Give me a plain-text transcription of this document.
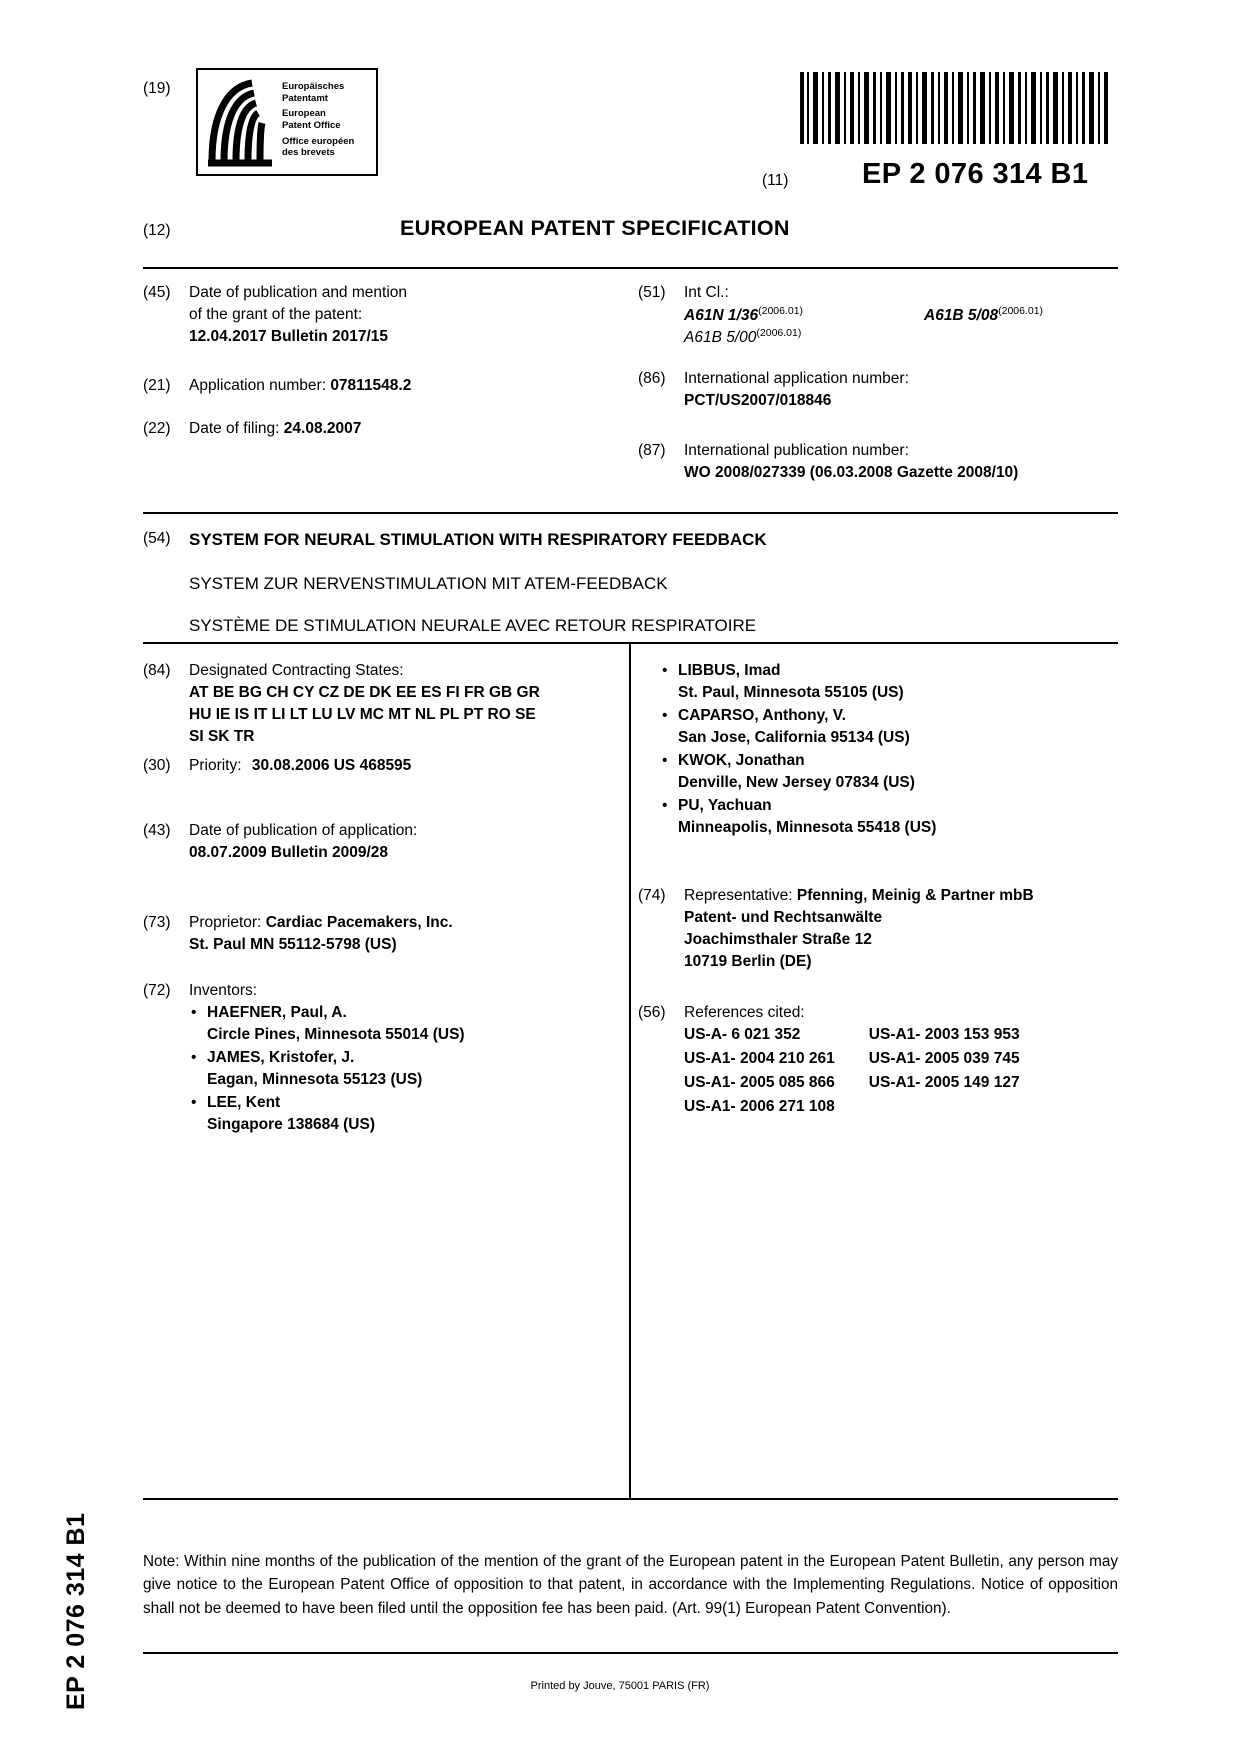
EP 2 076 314 B1
(19)	Europäisches
Patentamt
European
Patent Office
Office européen
des brevets
(11)	EP 2 076 314 B1
(12)	EUROPEAN PATENT SPECIFICATION
(45)	Date of publication and mention
of the grant of the patent:
12.04.2017 Bulletin 2017/15
(21)	Application number: 07811548.2
(22)	Date of filing: 24.08.2007
(51)	Int Cl.:
A61N $1/36^{(2006.01)}$	A61B $5/08^{(2006.01)}$
A61B $5/00^{(2006.01)}$
(86)	International application number:
PCT/US2007/018846
(87)	International publication number:
WO 2008/027339 (06.03.2008 Gazette 2008/10)
(54)	SYSTEM FOR NEURAL STIMULATION WITH RESPIRATORY FEEDBACK
SYSTEM ZUR NERVENSTIMULATION MIT ATEM-FEEDBACK
SYSTÈME DE STIMULATION NEURALE AVEC RETOUR RESPIRATOIRE
(84)	Designated Contracting States:
AT BE BG CH CY CZ DE DK EE ES FI FR GB GR
HU IE IS IT LI LT LU LV MC MT NL PL PT RO SE
SI SK TR
(30)	Priority: 30.08.2006 US 468595
(43)	Date of publication of application:
08.07.2009 Bulletin 2009/28
(73)	Proprietor: Cardiac Pacemakers, Inc.
St. Paul MN 55112-5798 (US)
(72)	Inventors:
• HAEFNER, Paul, A.
Circle Pines, Minnesota 55014 (US)
• JAMES, Kristofer, J.
Eagan, Minnesota 55123 (US)
• LEE, Kent
Singapore 138684 (US)
• LIBBUS, Imad
St. Paul, Minnesota 55105 (US)
• CAPARSO, Anthony, V.
San Jose, California 95134 (US)
• KWOK, Jonathan
Denville, New Jersey 07834 (US)
• PU, Yachuan
Minneapolis, Minnesota 55418 (US)
(74)	Representative: Pfenning, Meinig & Partner mbB
Patent- und Rechtsanwälte
Joachimsthaler Straße 12
10719 Berlin (DE)
(56)	References cited:
US-A- 6 021 352	US-A1- 2003 153 953
US-A1- 2004 210 261	US-A1- 2005 039 745
US-A1- 2005 085 866	US-A1- 2005 149 127
US-A1- 2006 271 108	
Note: Within nine months of the publication of the mention of the grant of the European patent in the European Patent Bulletin, any person may give notice to the European Patent Office of opposition to that patent, in accordance with the Implementing Regulations. Notice of opposition shall not be deemed to have been filed until the opposition fee has been paid. (Art. 99(1) European Patent Convention).
Printed by Jouve, 75001 PARIS (FR)
